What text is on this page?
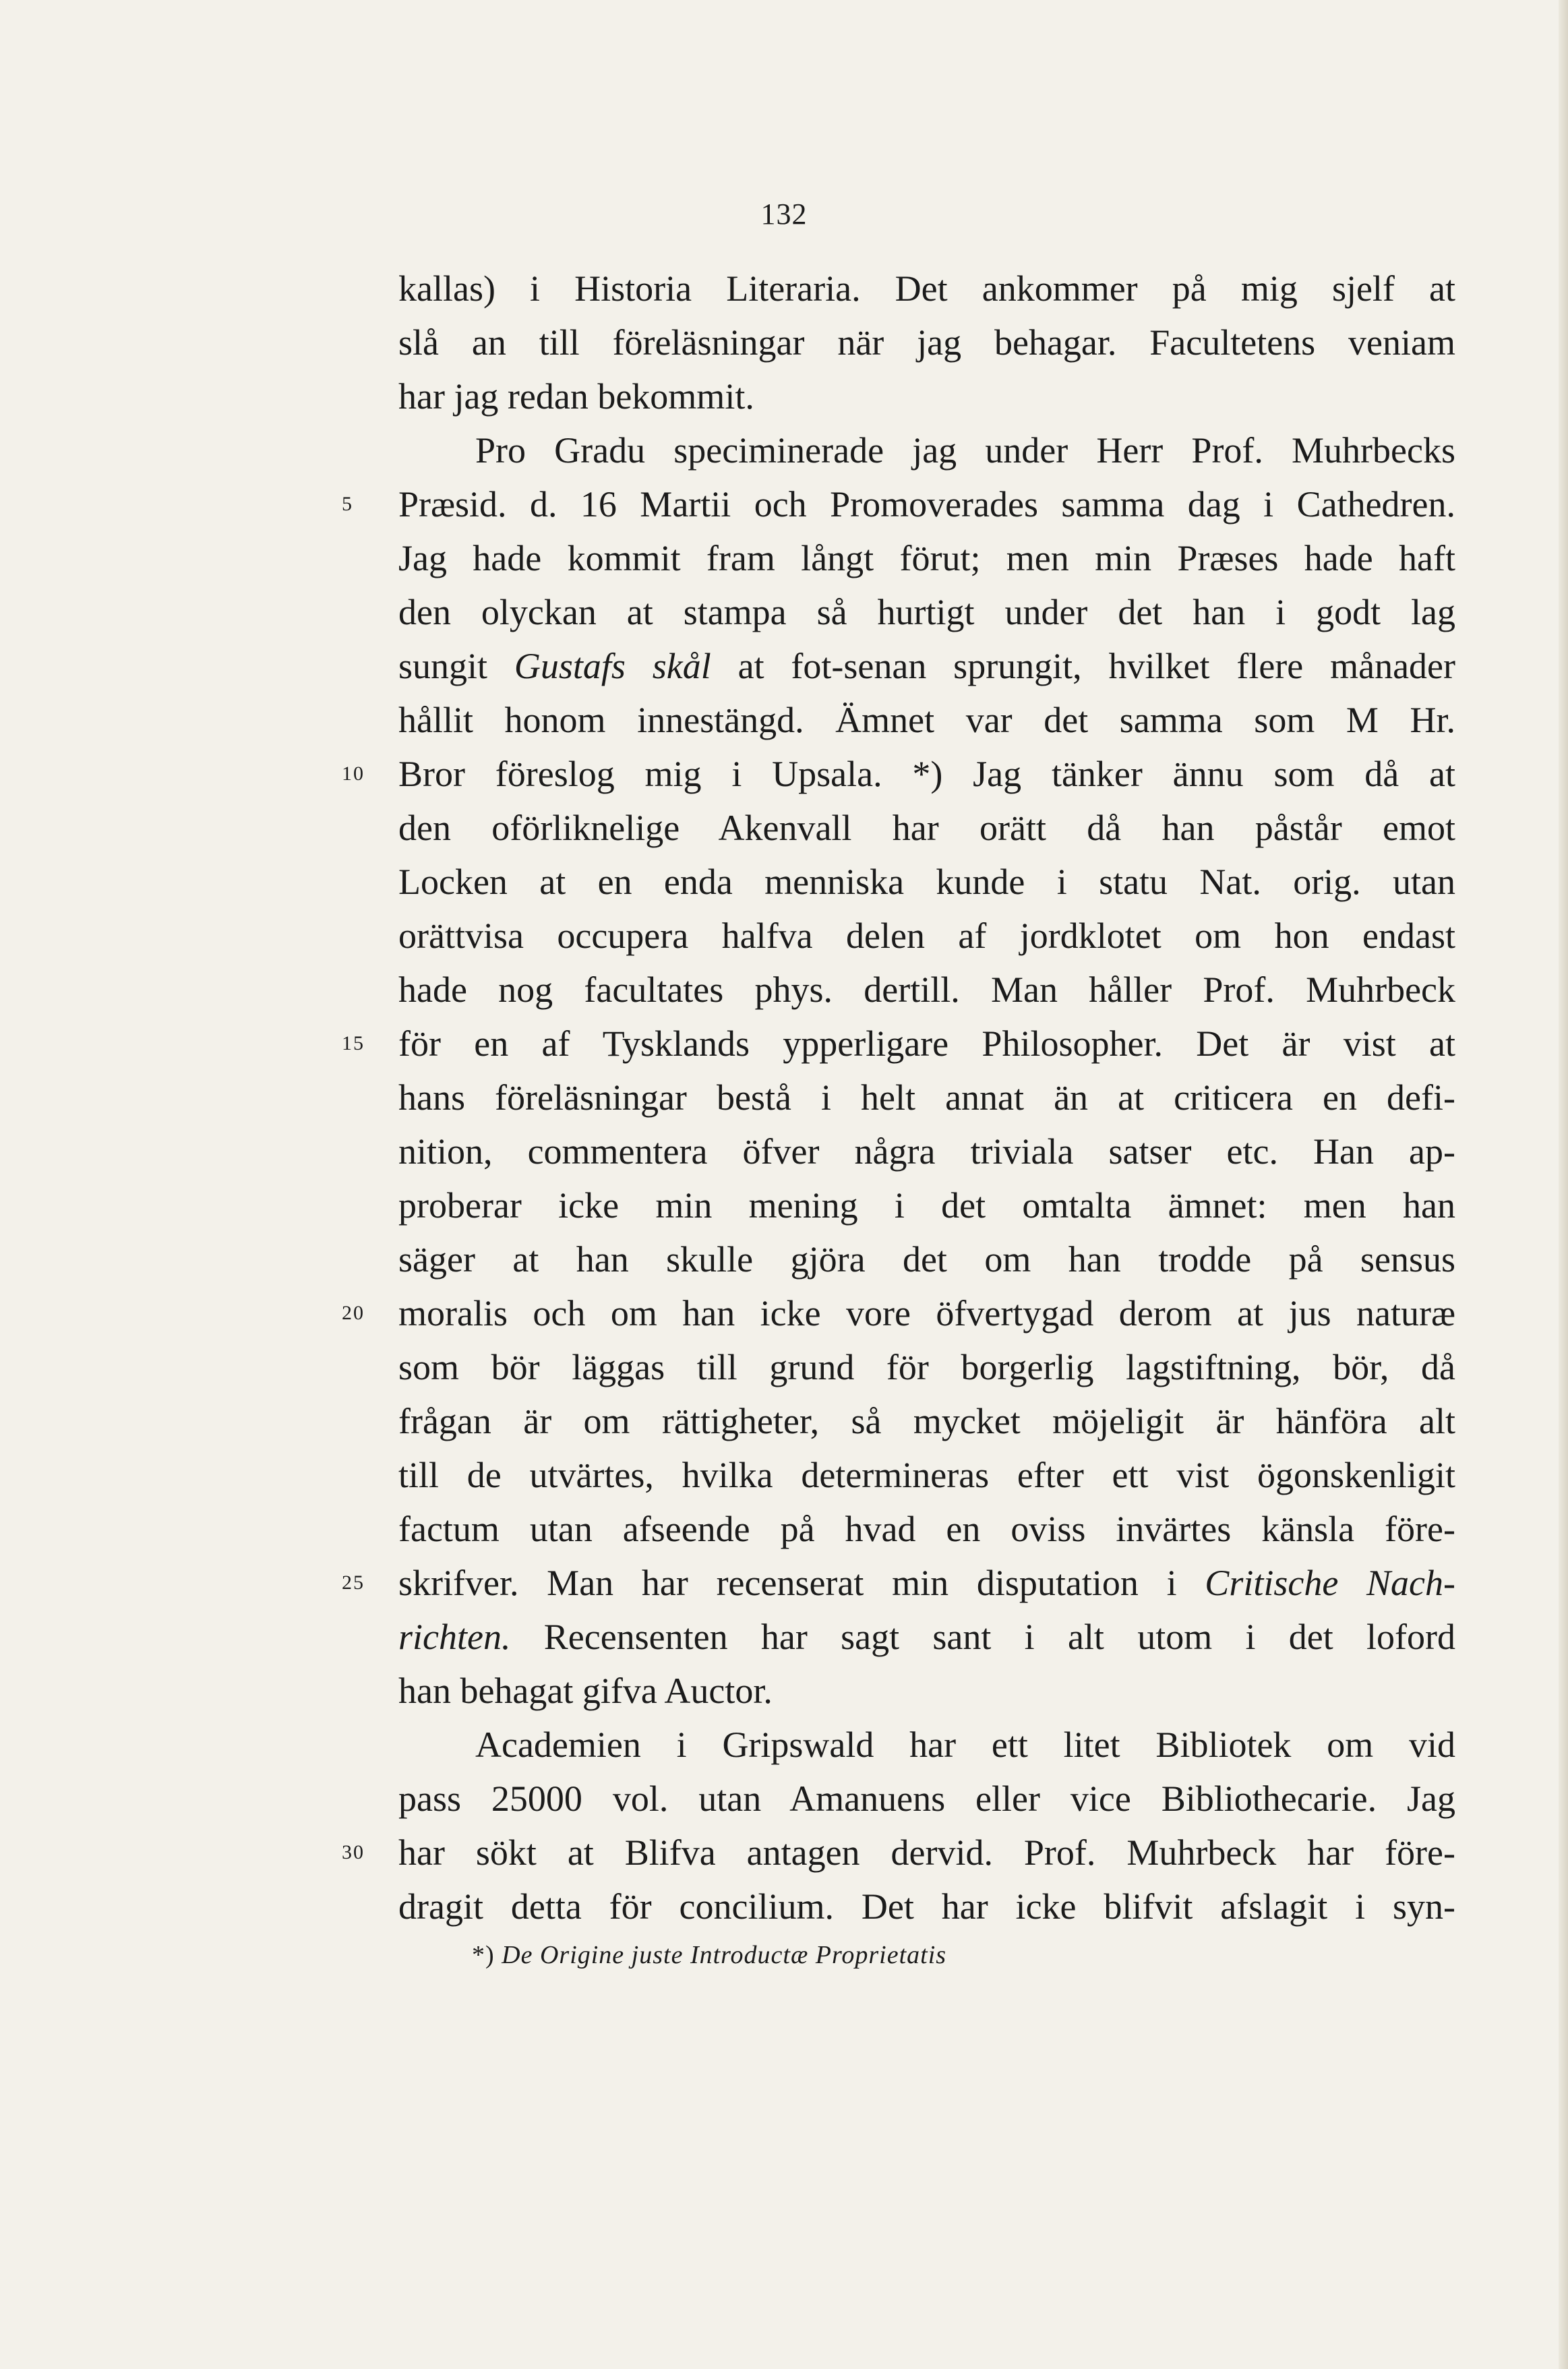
132
kallas) i Historia Literaria. Det ankommer på mig sjelf at
slå an till föreläsningar när jag behagar. Facultetens veniam
har jag redan bekommit.
Pro Gradu speciminerade jag under Herr Prof. Muhrbecks
5	Præsid. d. 16 Martii och Promoverades samma dag i Cathedren.
Jag hade kommit fram långt förut; men min Præses hade haft
den olyckan at stampa så hurtigt under det han i godt lag
sungit Gustafs skål at fot-senan sprungit, hvilket flere månader
hållit honom innestängd. Ämnet var det samma som M Hr.
10 Bror föreslog mig i Upsala. *) Jag tänker ännu som då at
den oförliknelige Akenvall har orätt då han påstår emot
Locken at en enda menniska kunde i statu Nat. orig. utan
orättvisa occupera halfva delen af jordklotet om hon endast
hade nog facultates phys. dertill. Man håller Prof. Muhrbeck
15 för en af Tysklands ypperligare Philosopher. Det är vist at
hans föreläsningar bestå i helt annat än at criticera en defi-
nition, commentera öfver några triviala satser etc. Han ap-
proberar icke min mening i det omtalta ämnet: men han
säger at han skulle gjöra det om han trodde på sensus
20 moralis och om han icke vore öfvertygad derom at jus naturæ
som bör läggas till grund för borgerlig lagstiftning, bör, då
frågan är om rättigheter, så mycket möjeligit är hänföra alt
till de utvärtes, hvilka determineras efter ett vist ögonskenligit
factum utan afseende på hvad en oviss invärtes känsla före-
25 skrifver. Man har recenserat min disputation i Critische Nach-
richten. Recensenten har sagt sant i alt utom i det loford
han behagat gifva Auctor.
Academien i Gripswald har ett litet Bibliotek om vid
pass 25000 vol. utan Amanuens eller vice Bibliothecarie. Jag
30 har sökt at Blifva antagen dervid. Prof. Muhrbeck har före-
dragit detta för concilium. Det har icke blifvit afslagit i syn-
*) De Origine juste Introductæ Proprietatis
